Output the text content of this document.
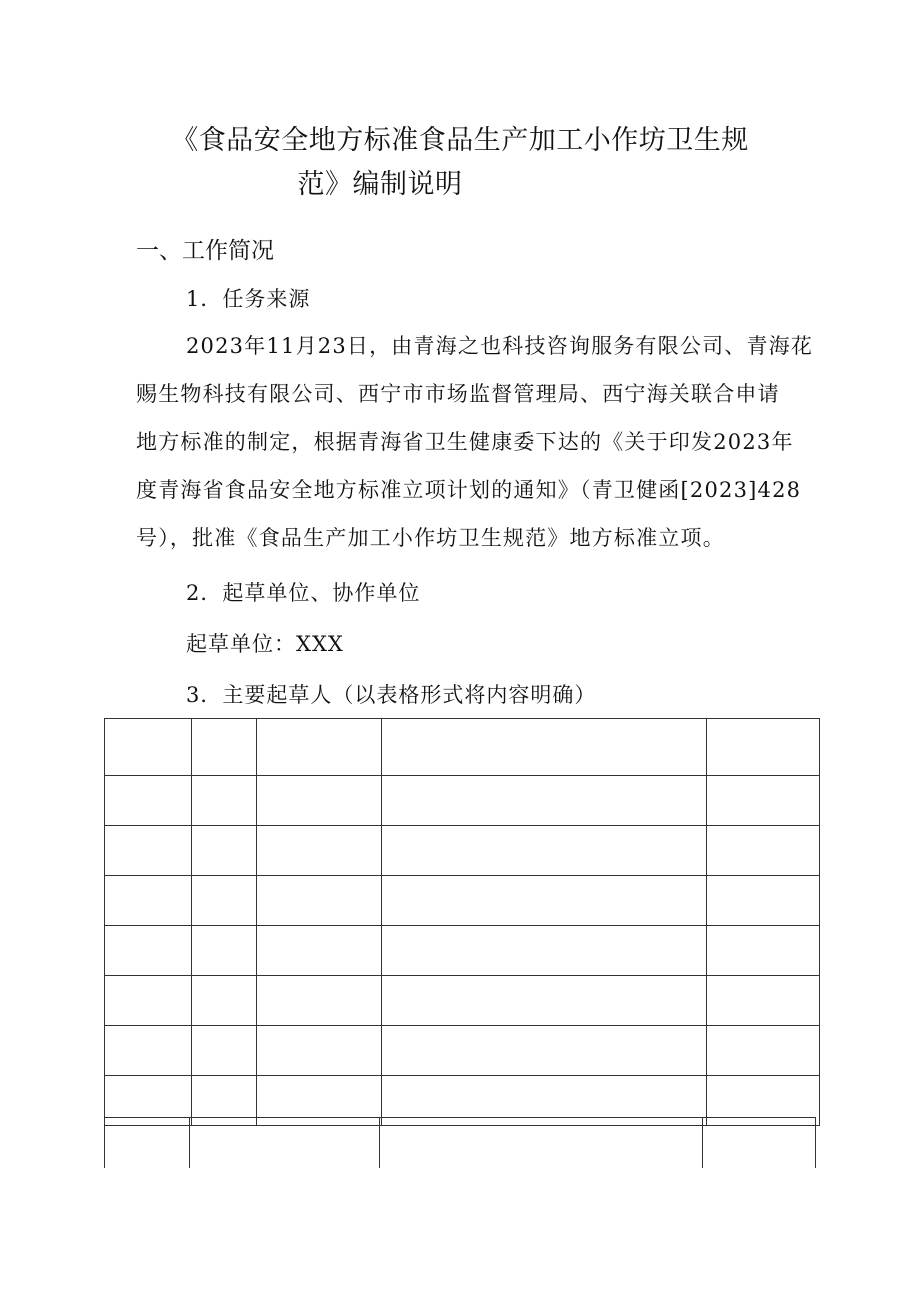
《食品安全地方标准食品生产加工小作坊卫生规
范》编制说明
一、工作简况
1．任务来源
2023年11月23日，由青海之也科技咨询服务有限公司、青海花
赐生物科技有限公司、西宁市市场监督管理局、西宁海关联合申请
地方标准的制定，根据青海省卫生健康委下达的《关于印发2023年
度青海省食品安全地方标准立项计划的通知》（青卫健函[2023]428
号），批准《食品生产加工小作坊卫生规范》地方标准立项。
2．起草单位、协作单位
起草单位：XXX
3．主要起草人（以表格形式将内容明确）
